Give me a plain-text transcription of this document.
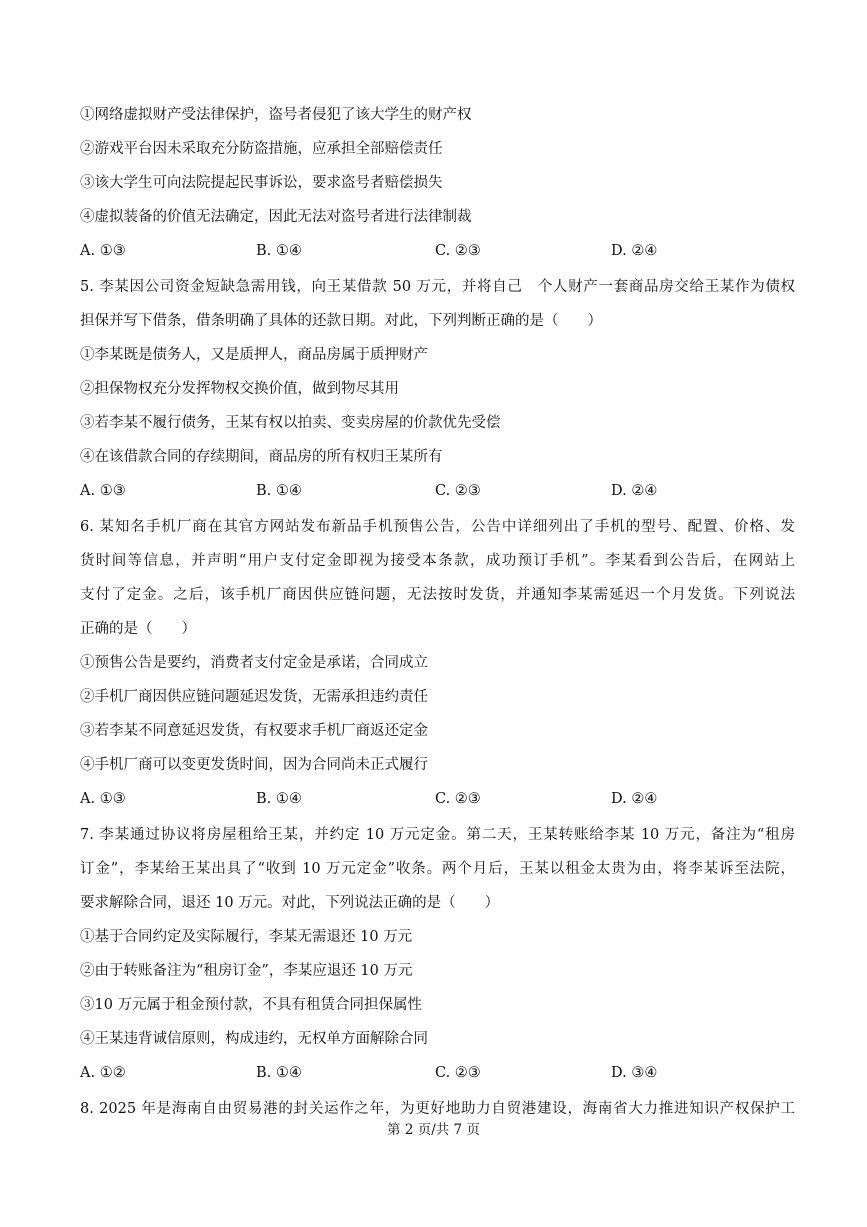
①网络虚拟财产受法律保护，盗号者侵犯了该大学生的财产权
②游戏平台因未采取充分防盗措施，应承担全部赔偿责任
③该大学生可向法院提起民事诉讼，要求盗号者赔偿损失
④虚拟装备的价值无法确定，因此无法对盗号者进行法律制裁
A. ①③	B. ①④	C. ②③	D. ②④
5. 李某因公司资金短缺急需用钱，向王某借款 50 万元，并将自己　个人财产一套商品房交给王某作为债权
担保并写下借条，借条明确了具体的还款日期。对此，下列判断正确的是（　　）
①李某既是债务人，又是质押人，商品房属于质押财产
②担保物权充分发挥物权交换价值，做到物尽其用
③若李某不履行债务，王某有权以拍卖、变卖房屋的价款优先受偿
④在该借款合同的存续期间，商品房的所有权归王某所有
A. ①③	B. ①④	C. ②③	D. ②④
6. 某知名手机厂商在其官方网站发布新品手机预售公告，公告中详细列出了手机的型号、配置、价格、发
货时间等信息，并声明“用户支付定金即视为接受本条款，成功预订手机”。李某看到公告后，在网站上
支付了定金。之后，该手机厂商因供应链问题，无法按时发货，并通知李某需延迟一个月发货。下列说法
正确的是（　　）
①预售公告是要约，消费者支付定金是承诺，合同成立
②手机厂商因供应链问题延迟发货，无需承担违约责任
③若李某不同意延迟发货，有权要求手机厂商返还定金
④手机厂商可以变更发货时间，因为合同尚未正式履行
A. ①③	B. ①④	C. ②③	D. ②④
7. 李某通过协议将房屋租给王某，并约定 10 万元定金。第二天，王某转账给李某 10 万元，备注为“租房
订金”，李某给王某出具了“收到 10 万元定金”收条。两个月后，王某以租金太贵为由，将李某诉至法院，
要求解除合同，退还 10 万元。对此，下列说法正确的是（　　）
①基于合同约定及实际履行，李某无需退还 10 万元
②由于转账备注为“租房订金”，李某应退还 10 万元
③10 万元属于租金预付款，不具有租赁合同担保属性
④王某违背诚信原则，构成违约，无权单方面解除合同
A. ①②	B. ①④	C. ②③	D. ③④
8. 2025 年是海南自由贸易港的封关运作之年，为更好地助力自贸港建设，海南省大力推进知识产权保护工
第 2 页/共 7 页
